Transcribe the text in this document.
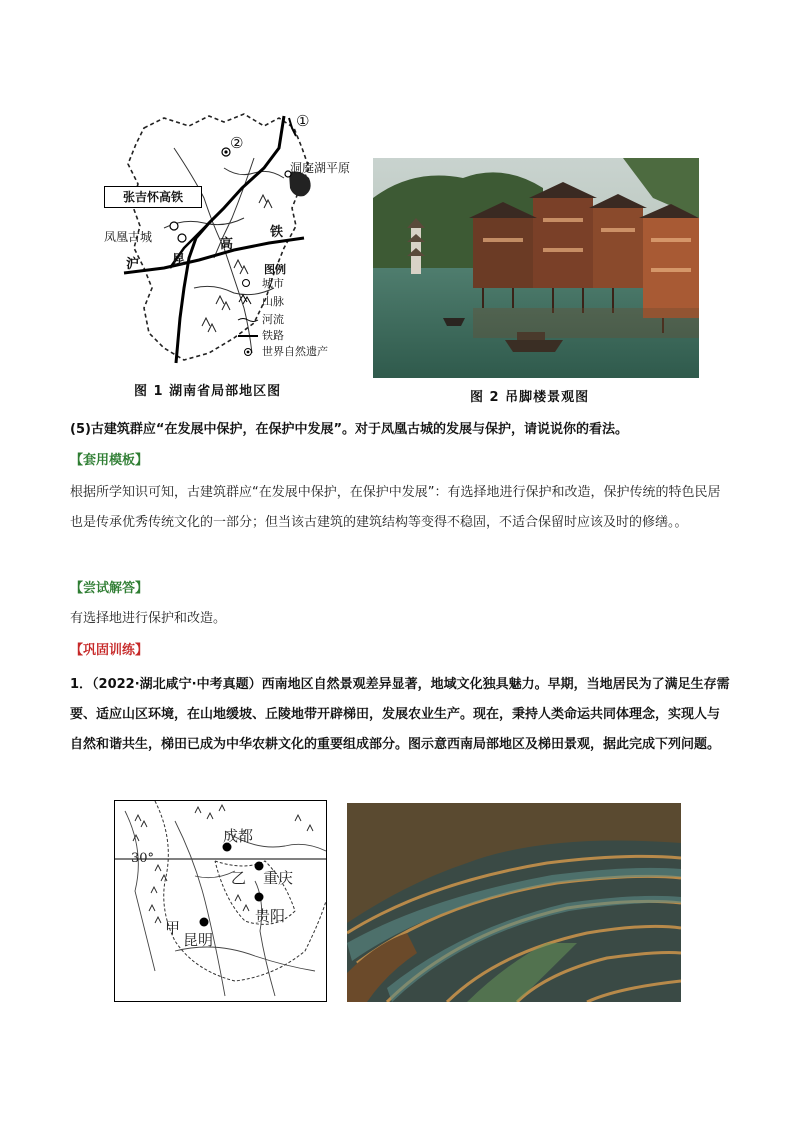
①
②
洞庭湖平原
张吉怀高铁
凤凰古城
沪	昆
高
铁
图例
城市
山脉
河流
铁路
世界自然遗产
图 1 湖南省局部地区图	图 2 吊脚楼景观图
(5)古建筑群应“在发展中保护，在保护中发展”。对于凤凰古城的发展与保护，请说说你的看法。
【套用模板】
根据所学知识可知，古建筑群应“在发展中保护，在保护中发展”：有选择地进行保护和改造，保护传统的特色民居也是传承优秀传统文化的一部分；但当该古建筑的建筑结构等变得不稳固，不适合保留时应该及时的修缮。。
【尝试解答】
有选择地进行保护和改造。
【巩固训练】
1．（2022·湖北咸宁·中考真题）西南地区自然景观差异显著，地域文化独具魅力。早期，当地居民为了满足生存需要、适应山区环境，在山地缓坡、丘陵地带开辟梯田，发展农业生产。现在，秉持人类命运共同体理念，实现人与自然和谐共生，梯田已成为中华农耕文化的重要组成部分。图示意西南局部地区及梯田景观，据此完成下列问题。
成都
重庆
贵阳
昆明
甲
乙
30°
